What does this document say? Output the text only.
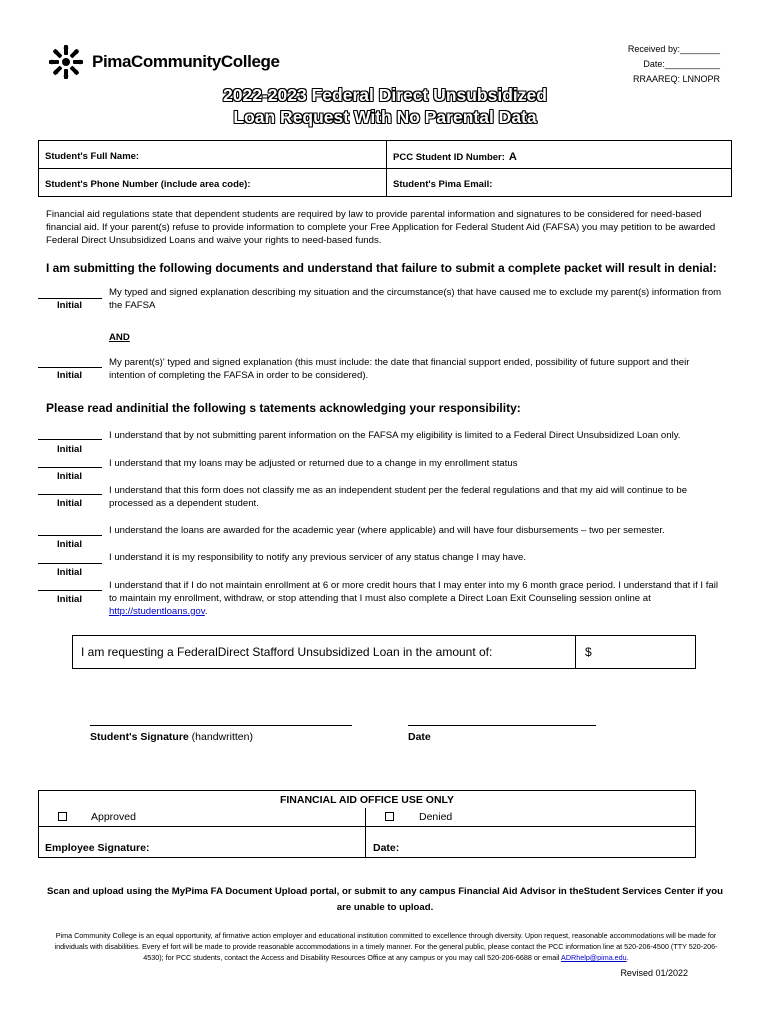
PimaCommunityCollege
Received by:________
Date:___________
RRAAREQ: LNNOPR
2022-2023 Federal Direct Unsubsidized
Loan Request With No Parental Data
Student's Full Name:	PCC Student ID Number: A
Student's Phone Number (include area code):	Student's Pima Email:
Financial aid regulations state that dependent students are required by law to provide parental information and signatures to be considered for need-based financial aid. If your parent(s) refuse to provide information to complete your Free Application for Federal Student Aid (FAFSA) you may petition to be awarded Federal Direct Unsubsidized Loans and waive your rights to need-based funds.
I am submitting the following documents and understand that failure to submit a complete packet will result in denial:
Initial
My typed and signed explanation describing my situation and the circumstance(s) that have caused me to exclude my parent(s) information from the FAFSA
AND
Initial
My parent(s)' typed and signed explanation (this must include: the date that financial support ended, possibility of future support and their intention of completing the FAFSA in order to be considered).
Please read andinitial the following s tatements acknowledging your responsibility:
Initial
I understand that by not submitting parent information on the FAFSA my eligibility is limited to a Federal Direct Unsubsidized Loan only.
Initial
I understand that my loans may be adjusted or returned due to a change in my enrollment status
Initial
I understand that this form does not classify me as an independent student per the federal regulations and that my aid will continue to be processed as a dependent student.
Initial
I understand the loans are awarded for the academic year (where applicable) and will have four disbursements – two per semester.
Initial
I understand it is my responsibility to notify any previous servicer of any status change I may have.
Initial
I understand that if I do not maintain enrollment at 6 or more credit hours that I may enter into my 6 month grace period. I understand that if I fail to maintain my enrollment, withdraw, or stop attending that I must also complete a Direct Loan Exit Counseling session online at http://studentloans.gov.
I am requesting a FederalDirect Stafford Unsubsidized Loan in the amount of:	$
Student's Signature (handwritten)	Date
FINANCIAL AID OFFICE USE ONLY
Approved	Denied
Employee Signature:	Date:
Scan and upload using the MyPima FA Document Upload portal, or submit to any campus Financial Aid Advisor in theStudent Services Center if you are unable to upload.
Pima Community College is an equal opportunity, af firmative action employer and educational institution committed to excellence through diversity. Upon request, reasonable accommodations will be made for individuals with disabilities. Every ef fort will be made to provide reasonable accommodations in a timely manner. For the general public, please contact the PCC information line at 520-206-4500 (TTY 520-206-4530); for PCC students, contact the Access and Disability Resources Office at any campus or you may call 520-206-6688 or email ADRhelp@pima.edu.
Revised 01/2022
